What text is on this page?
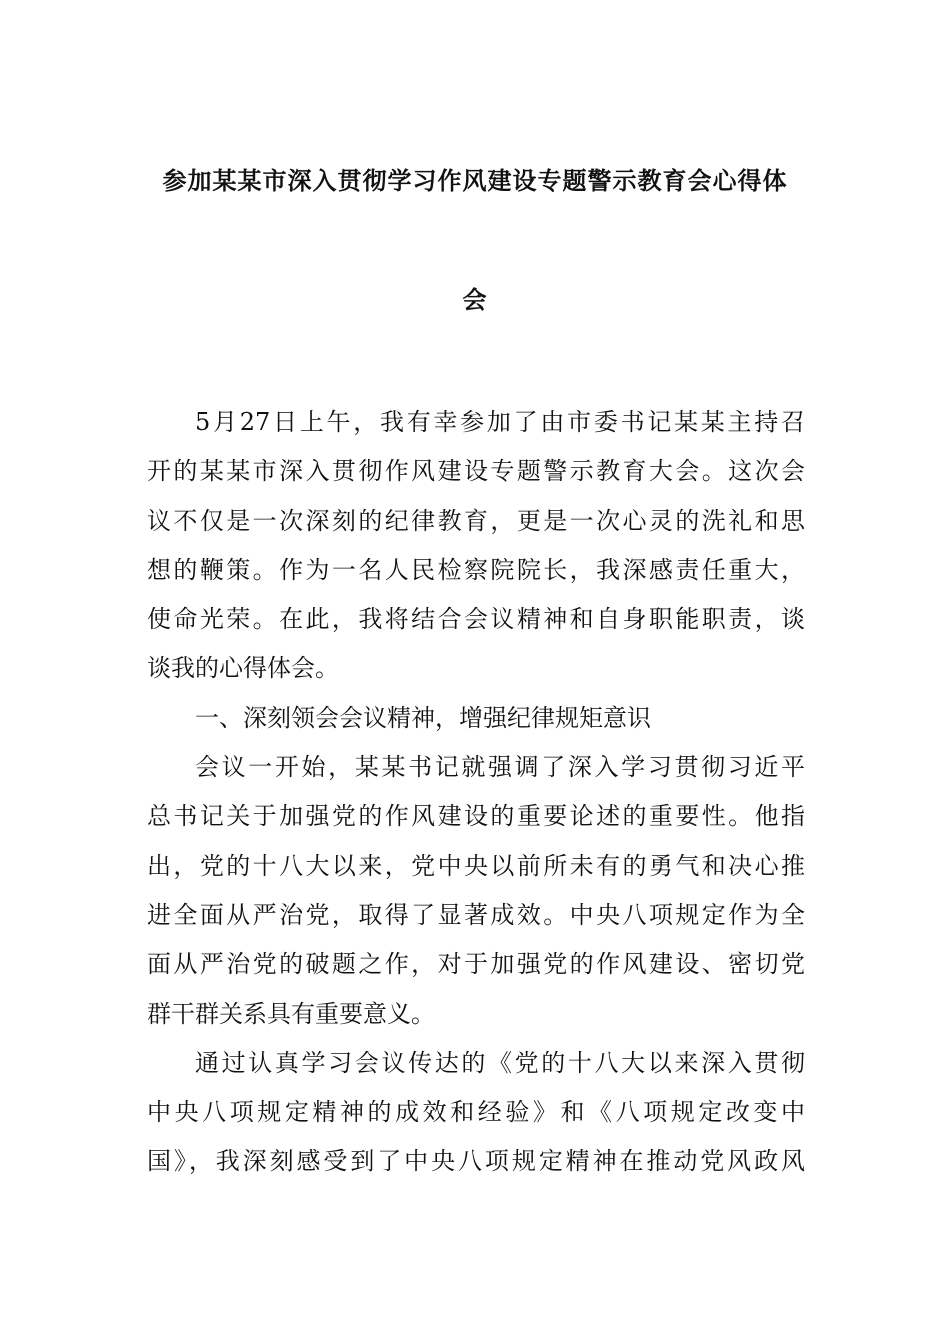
参加某某市深入贯彻学习作风建设专题警示教育会心得体
会
5月27日上午，我有幸参加了由市委书记某某主持召
开的某某市深入贯彻作风建设专题警示教育大会。这次会
议不仅是一次深刻的纪律教育，更是一次心灵的洗礼和思
想的鞭策。作为一名人民检察院院长，我深感责任重大，
使命光荣。在此，我将结合会议精神和自身职能职责，谈
谈我的心得体会。
一、深刻领会会议精神，增强纪律规矩意识
会议一开始，某某书记就强调了深入学习贯彻习近平
总书记关于加强党的作风建设的重要论述的重要性。他指
出，党的十八大以来，党中央以前所未有的勇气和决心推
进全面从严治党，取得了显著成效。中央八项规定作为全
面从严治党的破题之作，对于加强党的作风建设、密切党
群干群关系具有重要意义。
通过认真学习会议传达的《党的十八大以来深入贯彻
中央八项规定精神的成效和经验》和《八项规定改变中
国》，我深刻感受到了中央八项规定精神在推动党风政风
